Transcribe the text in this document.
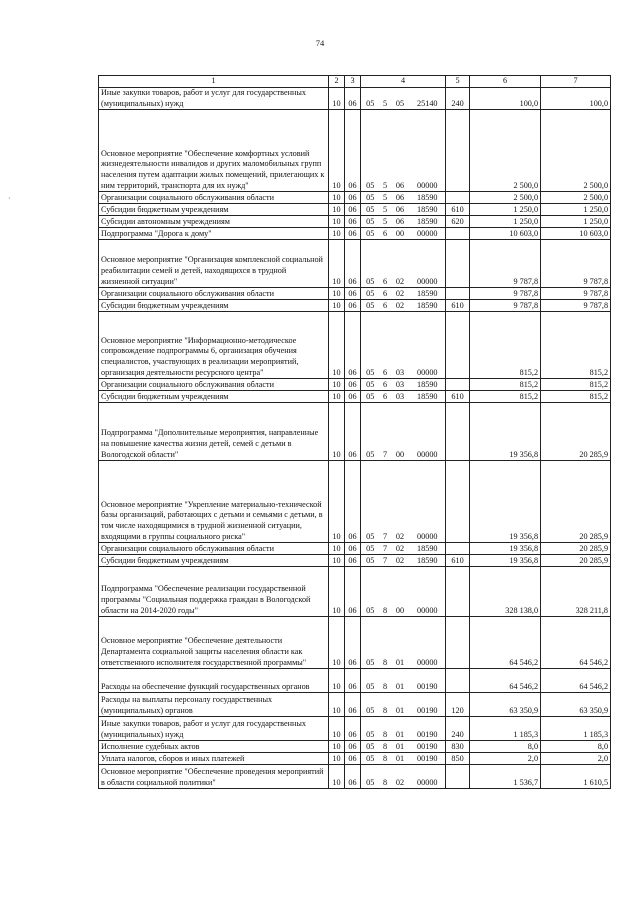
74
·
1	2	3	4				5	6	7
Иные закупки товаров, работ и услуг для государственных (муниципальных) нужд	10	06	05	5	05	25140	240	100,0	100,0
Основное мероприятие "Обеспечение комфортных условий жизнедеятельности инвалидов и других маломобильных групп населения путем адаптации жилых помещений, прилегающих к ним территорий, транспорта для их нужд"	10	06	05	5	06	00000		2 500,0	2 500,0
Организации социального обслуживания области	10	06	05	5	06	18590		2 500,0	2 500,0
Субсидии бюджетным учреждениям	10	06	05	5	06	18590	610	1 250,0	1 250,0
Субсидии автономным учреждениям	10	06	05	5	06	18590	620	1 250,0	1 250,0
Подпрограмма "Дорога к дому"	10	06	05	6	00	00000		10 603,0	10 603,0
Основное мероприятие "Организация комплексной социальной реабилитации семей и детей, находящихся в трудной жизненной ситуации"	10	06	05	6	02	00000		9 787,8	9 787,8
Организации социального обслуживания области	10	06	05	6	02	18590		9 787,8	9 787,8
Субсидии бюджетным учреждениям	10	06	05	6	02	18590	610	9 787,8	9 787,8
Основное мероприятие "Информационно-методическое сопровождение подпрограммы 6, организация обучения специалистов, участвующих в реализации мероприятий, организация деятельности ресурсного центра"	10	06	05	6	03	00000		815,2	815,2
Организации социального обслуживания области	10	06	05	6	03	18590		815,2	815,2
Субсидии бюджетным учреждениям	10	06	05	6	03	18590	610	815,2	815,2
Подпрограмма "Дополнительные мероприятия, направленные на повышение качества жизни детей, семей с детьми в Вологодской области"	10	06	05	7	00	00000		19 356,8	20 285,9
Основное мероприятие "Укрепление материально-технической базы организаций, работающих с детьми и семьями с детьми, в том числе находящимися в трудной жизненной ситуации, входящими в группы социального риска"	10	06	05	7	02	00000		19 356,8	20 285,9
Организации социального обслуживания области	10	06	05	7	02	18590		19 356,8	20 285,9
Субсидии бюджетным учреждениям	10	06	05	7	02	18590	610	19 356,8	20 285,9
Подпрограмма "Обеспечение реализации государственной программы "Социальная поддержка граждан в Вологодской области на 2014-2020 годы"	10	06	05	8	00	00000		328 138,0	328 211,8
Основное мероприятие "Обеспечение деятельности Департамента социальной защиты населения области как ответственного исполнителя государственной программы"	10	06	05	8	01	00000		64 546,2	64 546,2
Расходы на обеспечение функций государственных органов	10	06	05	8	01	00190		64 546,2	64 546,2
Расходы на выплаты персоналу государственных (муниципальных) органов	10	06	05	8	01	00190	120	63 350,9	63 350,9
Иные закупки товаров, работ и услуг для государственных (муниципальных) нужд	10	06	05	8	01	00190	240	1 185,3	1 185,3
Исполнение судебных актов	10	06	05	8	01	00190	830	8,0	8,0
Уплата налогов, сборов и иных платежей	10	06	05	8	01	00190	850	2,0	2,0
Основное мероприятие "Обеспечение проведения мероприятий в области социальной политики"	10	06	05	8	02	00000		1 536,7	1 610,5
